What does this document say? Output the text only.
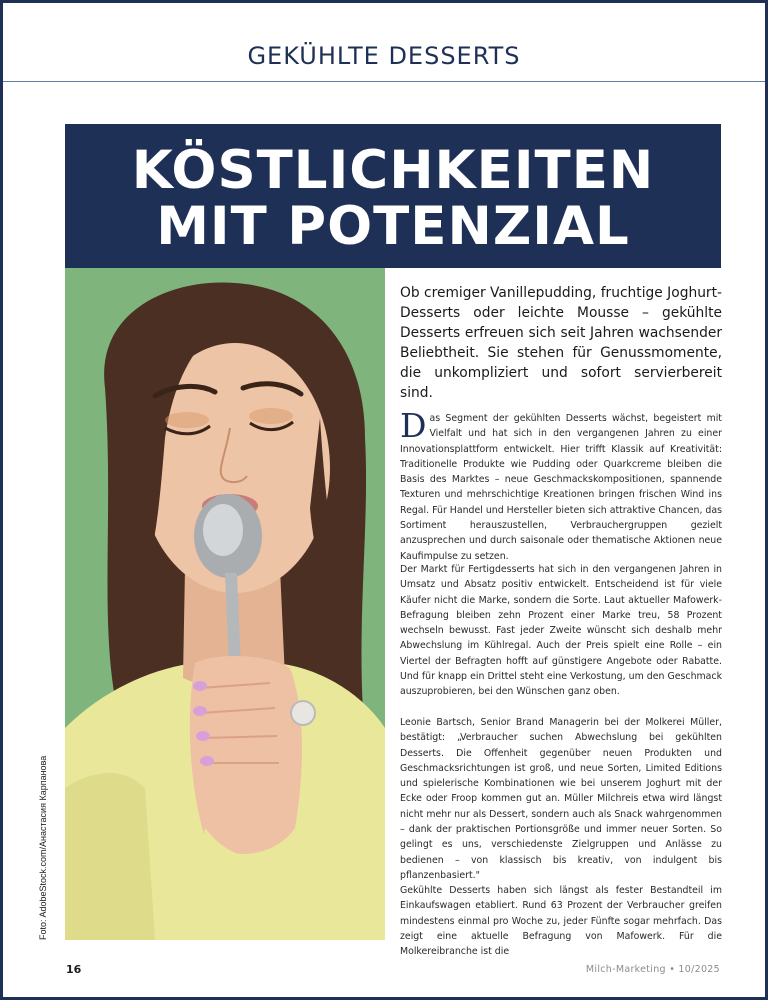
GEKÜHLTE DESSERTS
KÖSTLICHKEITEN
MIT POTENZIAL
Foto: AdobeStock.com/Анастасия Карпанова

Ob cremiger Vanillepudding, fruchtige Joghurt-Desserts oder leichte Mousse – gekühlte Desserts erfreuen sich seit Jahren wachsender Beliebtheit. Sie stehen für Genussmomente, die unkompliziert und sofort servierbereit sind.

Das Segment der gekühlten Desserts wächst, begeistert mit Vielfalt und hat sich in den vergangenen Jahren zu einer Innovationsplattform entwickelt. Hier trifft Klassik auf Kreativität: Traditionelle Produkte wie Pudding oder Quarkcreme bleiben die Basis des Marktes – neue Geschmackskompositionen, spannende Texturen und mehrschichtige Kreationen bringen frischen Wind ins Regal. Für Handel und Hersteller bieten sich attraktive Chancen, das Sortiment herauszustellen, Verbrauchergruppen gezielt anzusprechen und durch saisonale oder thematische Aktionen neue Kaufimpulse zu setzen.

Der Markt für Fertigdesserts hat sich in den vergangenen Jahren in Umsatz und Absatz positiv entwickelt. Entscheidend ist für viele Käufer nicht die Marke, sondern die Sorte. Laut aktueller Mafowerk-Befragung bleiben zehn Prozent einer Marke treu, 58 Prozent wechseln bewusst. Fast jeder Zweite wünscht sich deshalb mehr Abwechslung im Kühlregal. Auch der Preis spielt eine Rolle – ein Viertel der Befragten hofft auf günstigere Angebote oder Rabatte. Und für knapp ein Drittel steht eine Verkostung, um den Geschmack auszuprobieren, bei den Wünschen ganz oben.

Leonie Bartsch, Senior Brand Managerin bei der Molkerei Müller, bestätigt: „Verbraucher suchen Abwechslung bei gekühlten Desserts. Die Offenheit gegenüber neuen Produkten und Geschmacksrichtungen ist groß, und neue Sorten, Limited Editions und spielerische Kombinationen wie bei unserem Joghurt mit der Ecke oder Froop kommen gut an. Müller Milchreis etwa wird längst nicht mehr nur als Dessert, sondern auch als Snack wahrgenommen – dank der praktischen Portionsgröße und immer neuer Sorten. So gelingt es uns, verschiedenste Zielgruppen und Anlässe zu bedienen – von klassisch bis kreativ, von indulgent bis pflanzenbasiert."

Gekühlte Desserts haben sich längst als fester Bestandteil im Einkaufswagen etabliert. Rund 63 Prozent der Verbraucher greifen mindestens einmal pro Woche zu, jeder Fünfte sogar mehrfach. Das zeigt eine aktuelle Befragung von Mafowerk. Für die Molkereibranche ist die

16	Milch-Marketing • 10/2025
